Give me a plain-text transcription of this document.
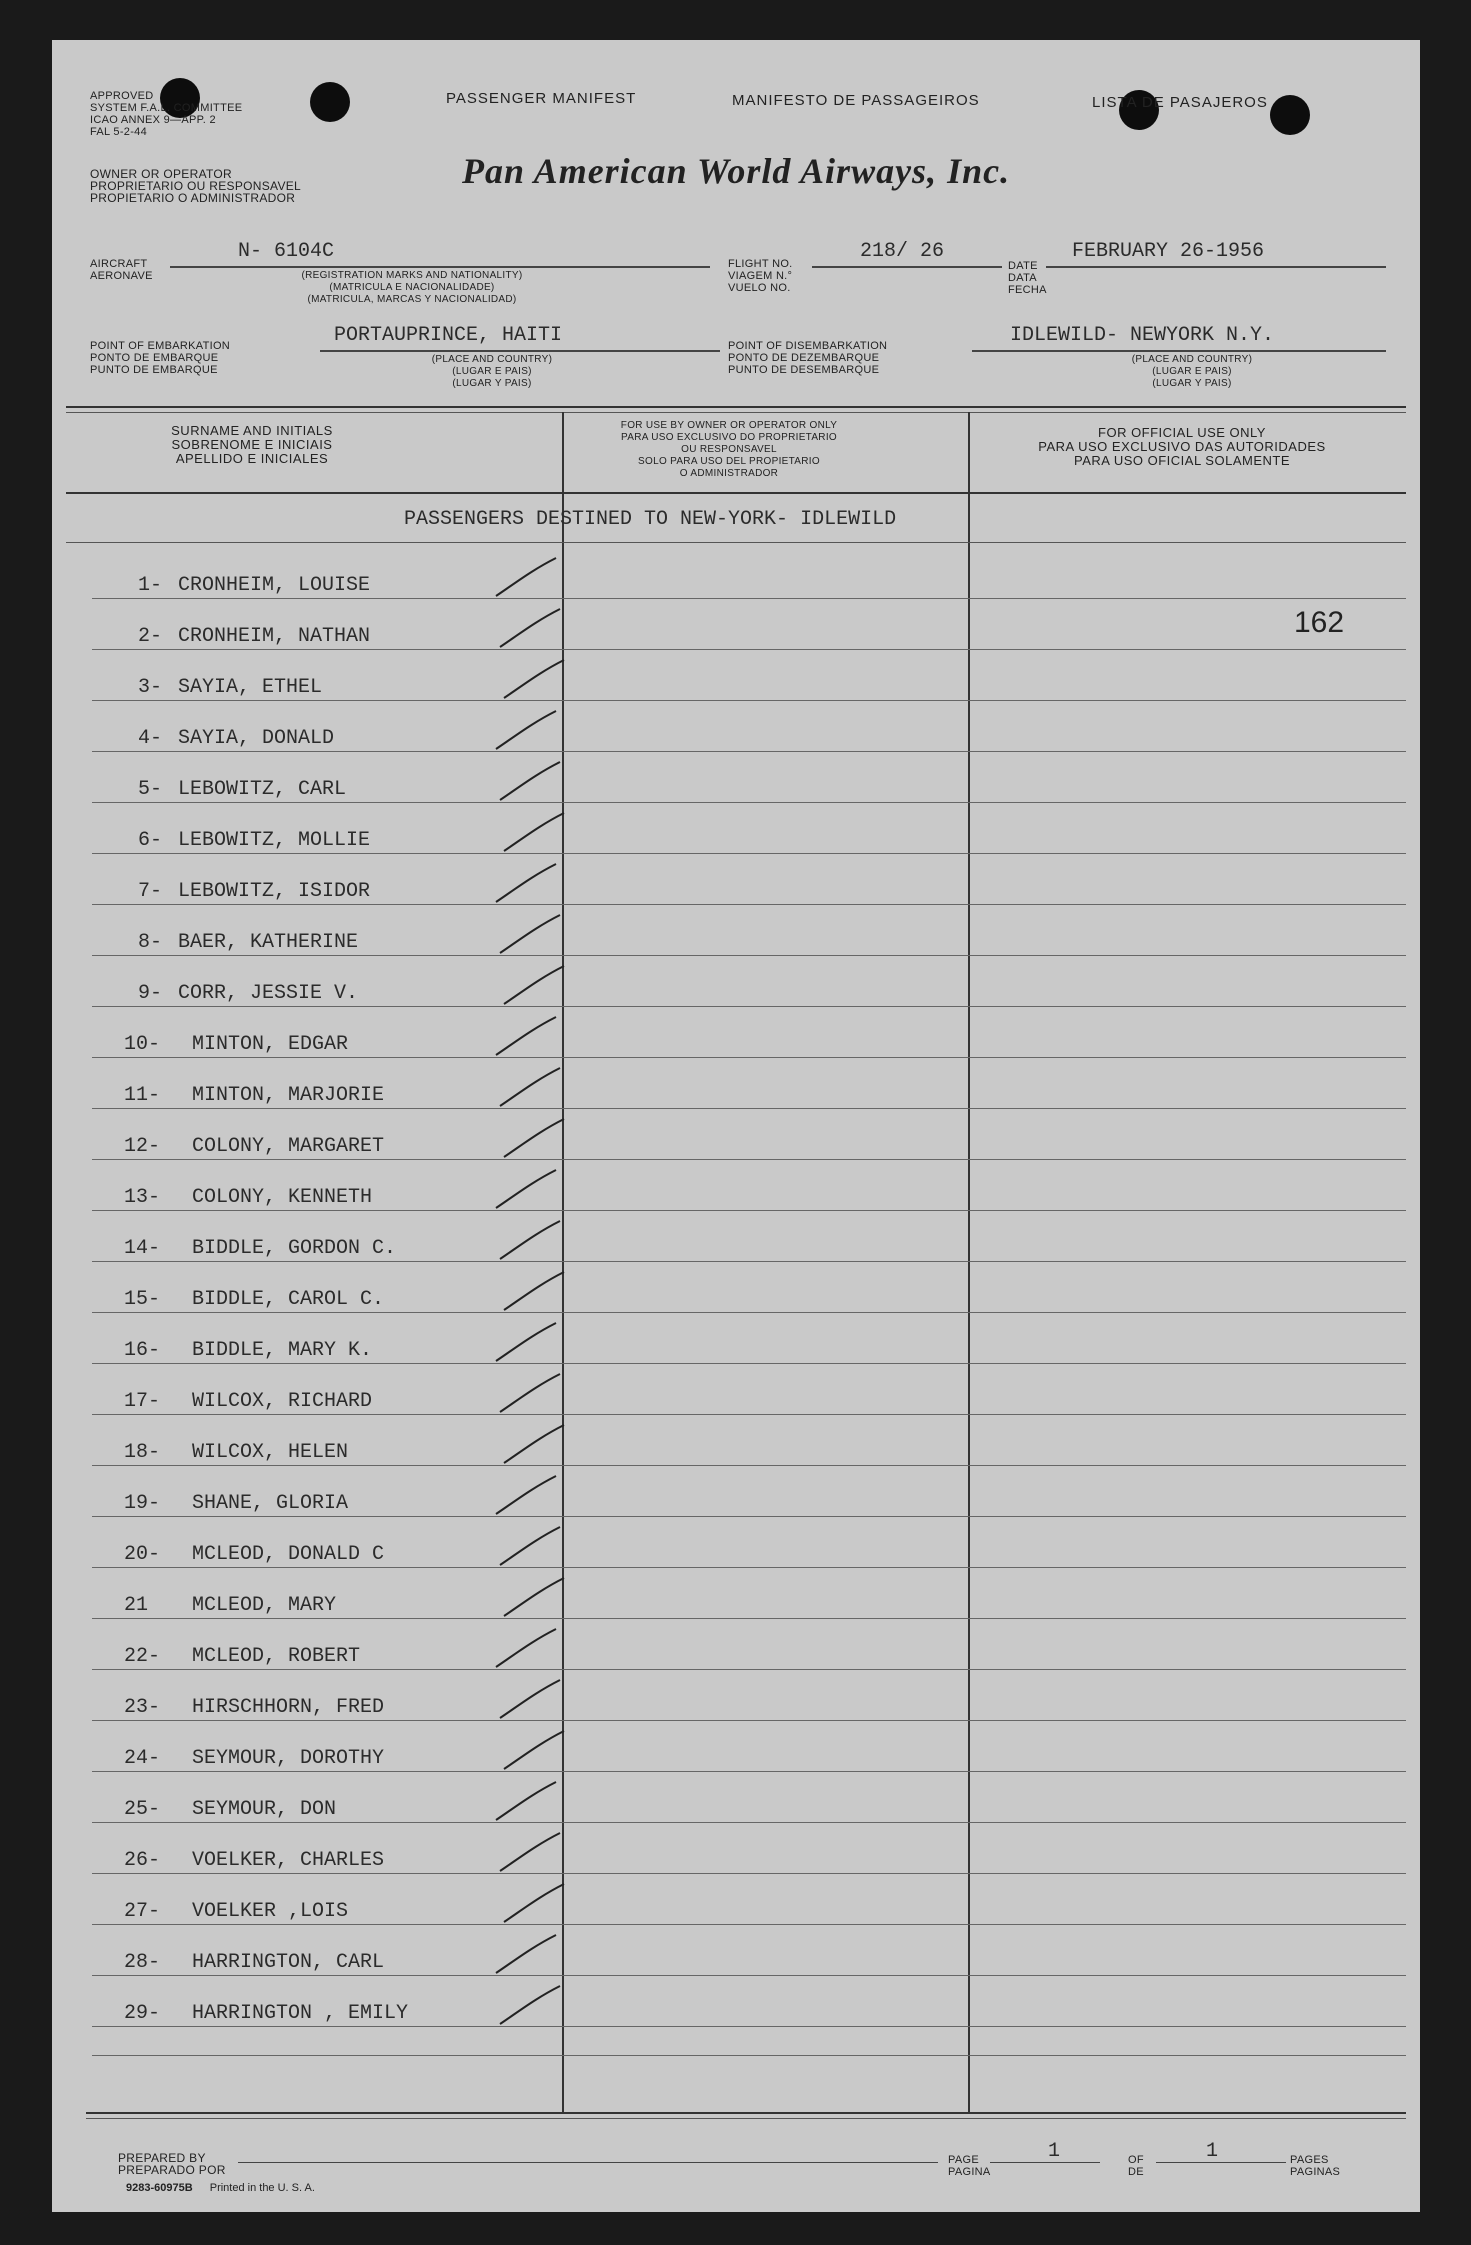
APPROVED
SYSTEM F.A.L. COMMITTEE
ICAO ANNEX 9—APP. 2
FAL 5-2-44
OWNER OR OPERATOR
PROPRIETARIO OU RESPONSAVEL
PROPIETARIO O ADMINISTRADOR
PASSENGER MANIFEST	MANIFESTO DE PASSAGEIROS	LISTA DE PASAJEROS
Pan American World Airways, Inc.
AIRCRAFT
AERONAVE
N- 6104C
(REGISTRATION MARKS AND NATIONALITY)
(MATRICULA E NACIONALIDADE)
(MATRICULA, MARCAS Y NACIONALIDAD)
FLIGHT NO.
VIAGEM N.°
VUELO NO.
218/ 26
DATE
DATA
FECHA
FEBRUARY 26-1956
POINT OF EMBARKATION
PONTO DE EMBARQUE
PUNTO DE EMBARQUE
PORTAUPRINCE, HAITI
(PLACE AND COUNTRY)
(LUGAR E PAIS)
(LUGAR Y PAIS)
POINT OF DISEMBARKATION
PONTO DE DEZEMBARQUE
PUNTO DE DESEMBARQUE
IDLEWILD- NEWYORK N.Y.
(PLACE AND COUNTRY)
(LUGAR E PAIS)
(LUGAR Y PAIS)
SURNAME AND INITIALS
SOBRENOME E INICIAIS
APELLIDO E INICIALES
FOR USE BY OWNER OR OPERATOR ONLY
PARA USO EXCLUSIVO DO PROPRIETARIO
OU RESPONSAVEL
SOLO PARA USO DEL PROPIETARIO
O ADMINISTRADOR
FOR OFFICIAL USE ONLY
PARA USO EXCLUSIVO DAS AUTORIDADES
PARA USO OFICIAL SOLAMENTE
PASSENGERS DESTINED TO NEW-YORK- IDLEWILD
162
1- CRONHEIM, LOUISE
2- CRONHEIM, NATHAN
3- SAYIA, ETHEL
4- SAYIA, DONALD
5- LEBOWITZ, CARL
6- LEBOWITZ, MOLLIE
7- LEBOWITZ, ISIDOR
8- BAER, KATHERINE
9- CORR, JESSIE V.
10- MINTON, EDGAR
11- MINTON, MARJORIE
12- COLONY, MARGARET
13- COLONY, KENNETH
14- BIDDLE, GORDON C.
15- BIDDLE, CAROL C.
16- BIDDLE, MARY K.
17- WILCOX, RICHARD
18- WILCOX, HELEN
19- SHANE, GLORIA
20- MCLEOD, DONALD C
21 MCLEOD, MARY
22- MCLEOD, ROBERT
23- HIRSCHHORN, FRED
24- SEYMOUR, DOROTHY
25- SEYMOUR, DON
26- VOELKER, CHARLES
27- VOELKER ,LOIS
28- HARRINGTON, CARL
29- HARRINGTON , EMILY
PREPARED BY
PREPARADO POR
9283-60975B Printed in the U. S. A.
PAGE
PAGINA
1	OF
DE
1	PAGES
PAGINAS
